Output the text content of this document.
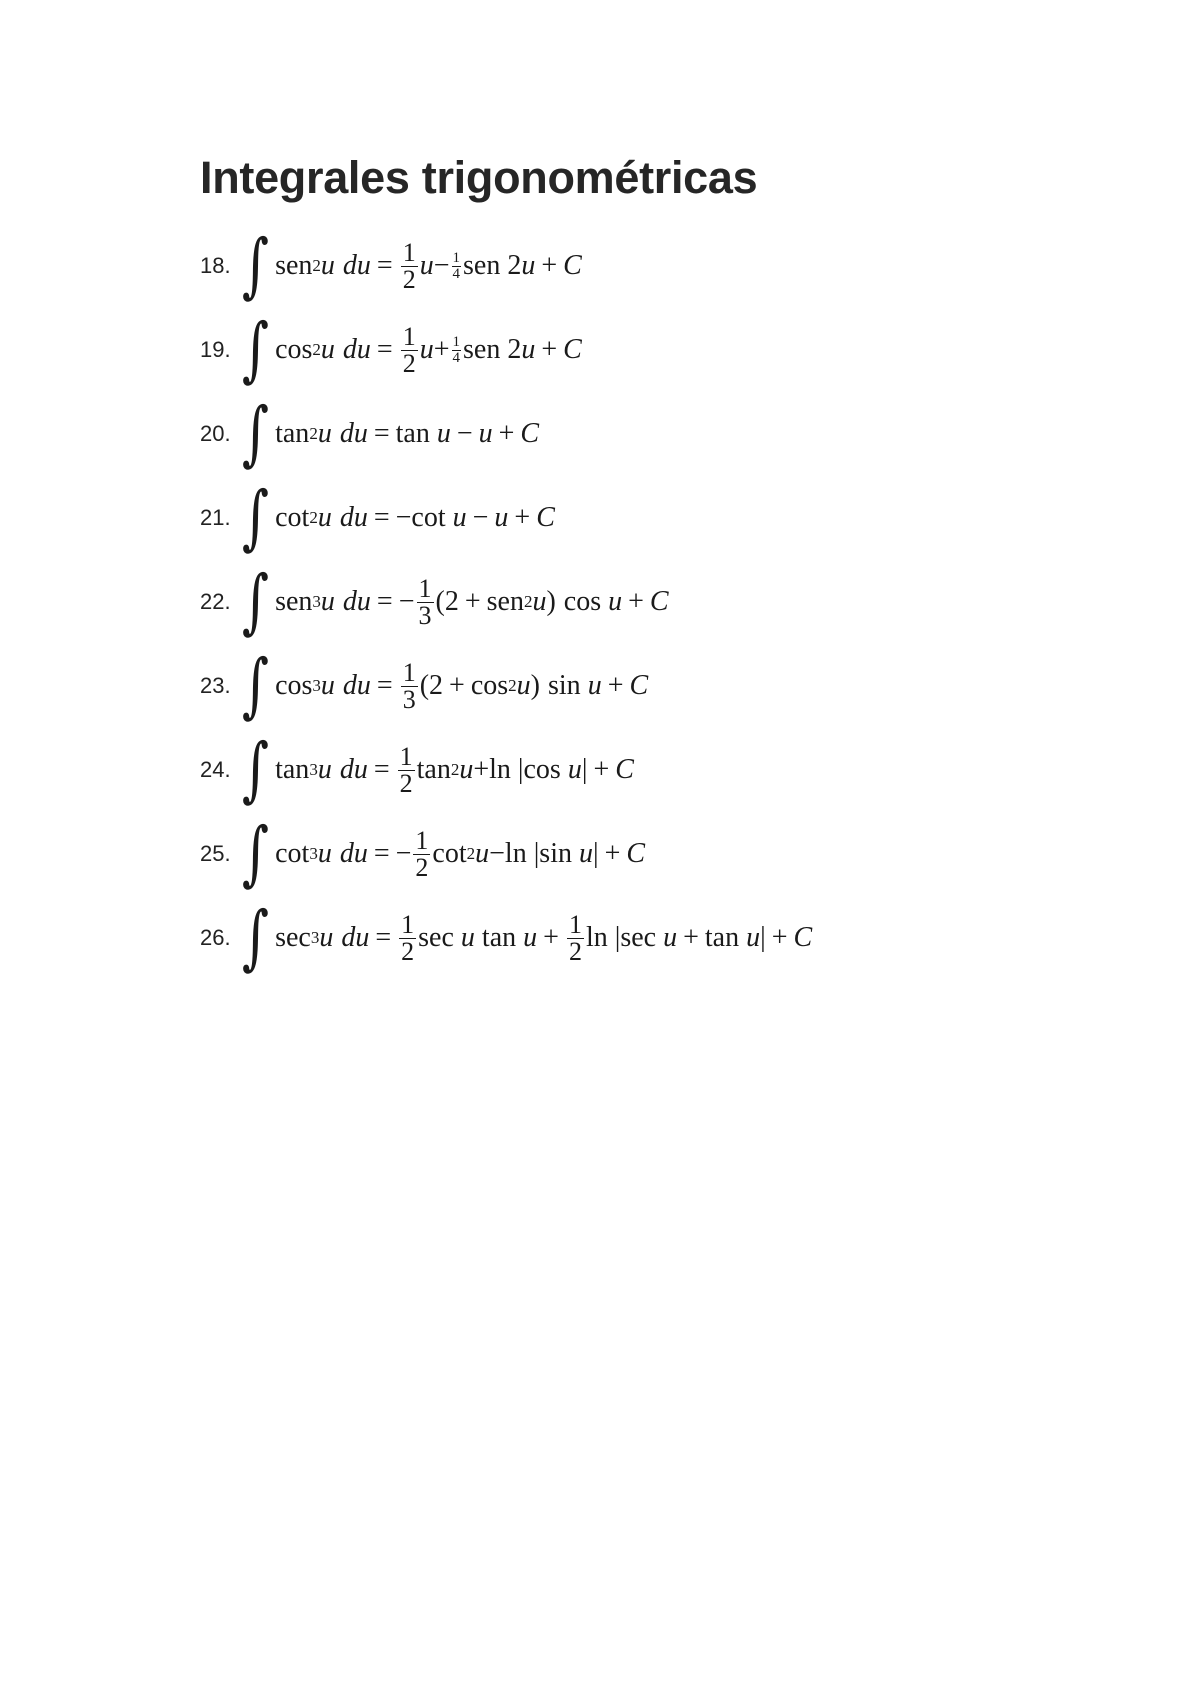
Integrales trigonométricas
18. ∫ sen 2 u du = $\frac{1}{2}$ $u - \frac{1}{4}$ sen 2 u + C
19. ∫ cos 2 u du = $\frac{1}{2}$ $u + \frac{1}{4}$ sen 2 u + C
20. ∫ tan 2 u du = tan u − u + C
21. ∫ cot 2 u du = −cot u − u + C
22. ∫ sen 3 u du = − $\frac{1}{3} (2$ + sen 2 u ) cos u + C
23. ∫ cos 3 u du = $\frac{1}{3} (2 + \cos 2$ u ) sin u + C
24. ∫ tan 3 u du = $\frac{1}{2}$ tan 2 u +ln |cos u | + C
25. ∫ cot 3 u du = − $\frac{1}{2}$ cot 2 u −ln |sin u | + C
26. ∫ sec 3 u du = $\frac{1}{2}$ sec u $\tan u + \frac{1}{2}$ ln |sec u + tan u | + C
